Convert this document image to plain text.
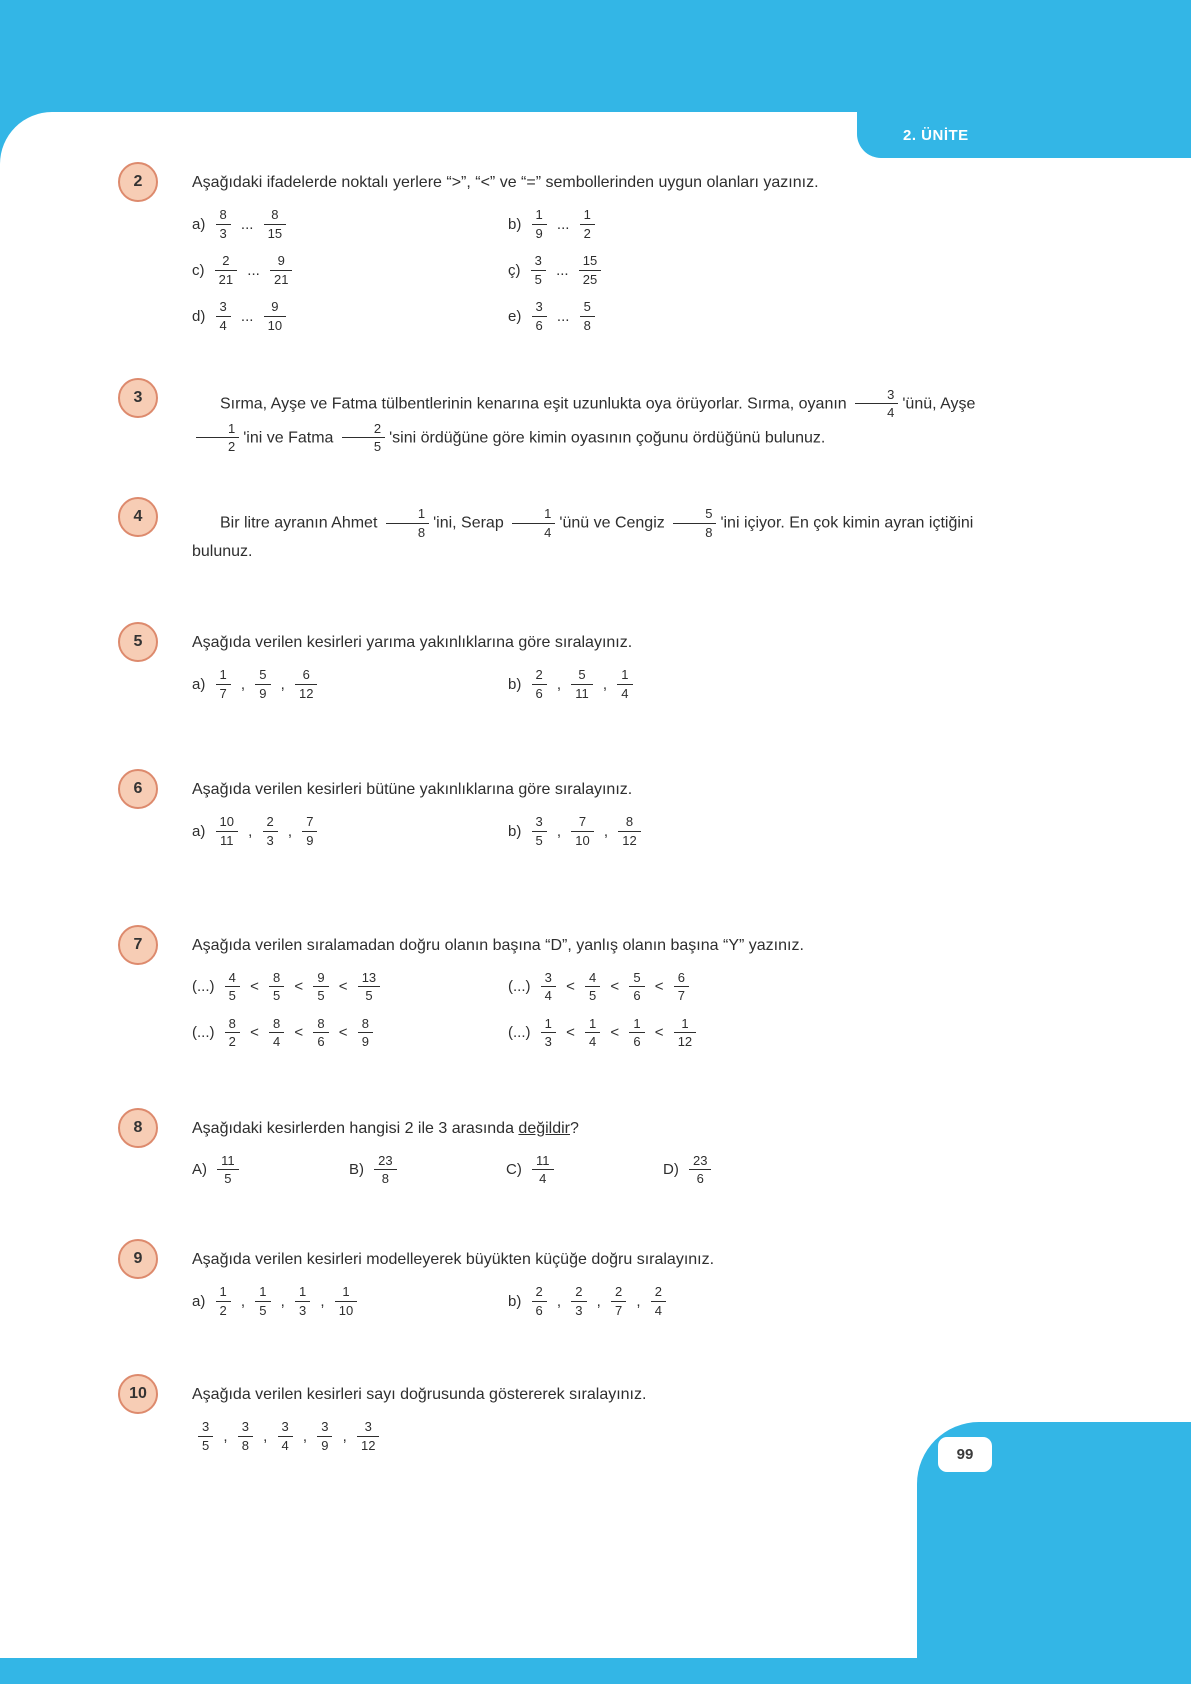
2	Aşağıdaki ifadelerde noktalı yerlere “>”, “<” ve “=” sembollerinden uygun olanları yazınız.

$a) \frac{8}{3}$ ... $\frac{8}{15}$	$b) \frac{1}{9}$ ... $\frac{1}{2}$
$c) \frac{2}{21}$ ... $\frac{9}{21}$	ç) $\frac{3}{5}$ ... $\frac{15}{25}$
$d) \frac{3}{4}$ ... $\frac{9}{10}$	$e) \frac{3}{6}$ ... $\frac{5}{8}$
3	Sırma, Ayşe ve Fatma tülbentlerinin kenarına eşit uzunlukta oya örüyorlar. Sırma, oyanın $\frac{3}{4}$ 'ünü, Ayşe
$\frac{1}{2}$ 'ini ve Fatma $\frac{2}{5}$ 'sini ördüğüne göre kimin oyasının çoğunu ördüğünü bulunuz.

4	Bir litre ayranın Ahmet $\frac{1}{8}$ 'ini, Serap $\frac{1}{4}$ 'ünü ve Cengiz $\frac{5}{8}$ 'ini içiyor. En çok kimin ayran içtiğini bulunuz.

5	Aşağıda verilen kesirleri yarıma yakınlıklarına göre sıralayınız.

$a) \frac{1}{7}$ , $\frac{5}{9}$ , $\frac{6}{12}$	$b) \frac{2}{6}$ , $\frac{5}{11}$ , $\frac{1}{4}$
6	Aşağıda verilen kesirleri bütüne yakınlıklarına göre sıralayınız.

$a) \frac{10}{11}$ , $\frac{2}{3}$ , $\frac{7}{9}$	$b) \frac{3}{5}$ , $\frac{7}{10}$ , $\frac{8}{12}$
7	Aşağıda verilen sıralamadan doğru olanın başına “D”, yanlış olanın başına “Y” yazınız.

(...) $\frac{4}{5} < \frac{8}{5} < \frac{9}{5} < \frac{13}{5}$	(...) $\frac{3}{4} < \frac{4}{5} < \frac{5}{6} < \frac{6}{7}$
(...) $\frac{8}{2} < \frac{8}{4} < \frac{8}{6} < \frac{8}{9}$	(...) $\frac{1}{3} < \frac{1}{4} < \frac{1}{6} < \frac{1}{12}$
8	Aşağıdaki kesirlerden hangisi 2 ile 3 arasında değildir?

$A) \frac{11}{5}$	$B) \frac{23}{8}$	$C) \frac{11}{4}$	$D) \frac{23}{6}$
9	Aşağıda verilen kesirleri modelleyerek büyükten küçüğe doğru sıralayınız.

$a) \frac{1}{2}$ , $\frac{1}{5}$ , $\frac{1}{3}$ , $\frac{1}{10}$	$b) \frac{2}{6}$ , $\frac{2}{3}$ , $\frac{2}{7}$ , $\frac{2}{4}$
10	Aşağıda verilen kesirleri sayı doğrusunda göstererek sıralayınız.

$\frac{3}{5}$ , $\frac{3}{8}$ , $\frac{3}{4}$ , $\frac{3}{9}$ , $\frac{3}{12}$
2. ÜNİTE
99
